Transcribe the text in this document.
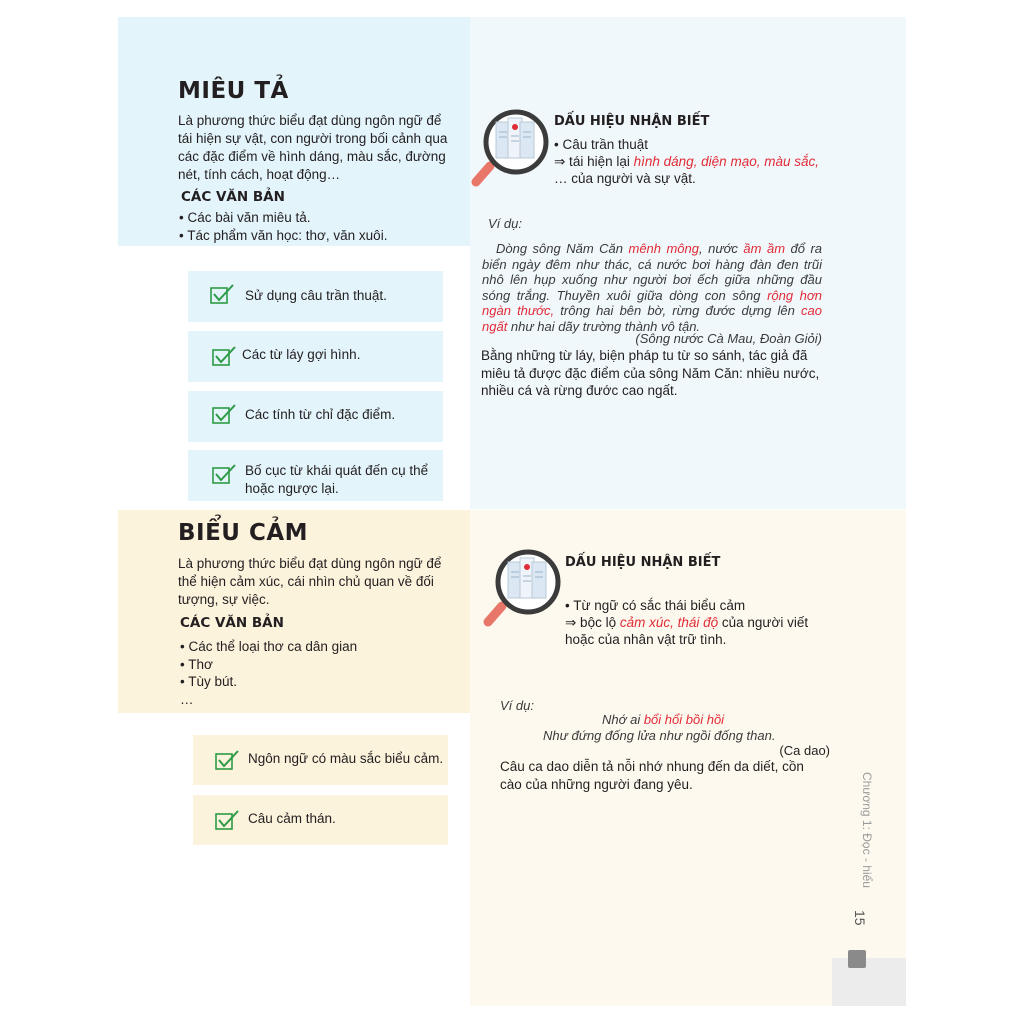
MIÊU TẢ

Là phương thức biểu đạt dùng ngôn ngữ để tái hiện sự vật, con người trong bối cảnh qua các đặc điểm về hình dáng, màu sắc, đường nét, tính cách, hoạt động…

CÁC VĂN BẢN
• Các bài văn miêu tả.
• Tác phẩm văn học: thơ, văn xuôi.
Sử dụng câu trần thuật.
Các từ láy gợi hình.
Các tính từ chỉ đặc điểm.
Bố cục từ khái quát đến cụ thể hoặc ngược lại.
DẤU HIỆU NHẬN BIẾT
• Câu trần thuật
⇒ tái hiện lại hình dáng, diện mạo, màu sắc,
… của người và sự vật.
Ví dụ:

Dòng sông Năm Căn mênh mông, nước ầm ầm đổ ra biển ngày đêm như thác, cá nước bơi hàng đàn đen trũi nhô lên hụp xuống như người bơi ếch giữa những đầu sóng trắng. Thuyền xuôi giữa dòng con sông rộng hơn ngàn thước, trông hai bên bờ, rừng đước dựng lên cao ngất như hai dãy trường thành vô tận.

(Sông nước Cà Mau, Đoàn Giỏi)

Bằng những từ láy, biện pháp tu từ so sánh, tác giả đã miêu tả được đặc điểm của sông Năm Căn: nhiều nước, nhiều cá và rừng đước cao ngất.

BIỂU CẢM

Là phương thức biểu đạt dùng ngôn ngữ để thể hiện cảm xúc, cái nhìn chủ quan về đối tượng, sự việc.

CÁC VĂN BẢN
• Các thể loại thơ ca dân gian
• Thơ
• Tùy bút.
…
Ngôn ngữ có màu sắc biểu cảm.
Câu cảm thán.
DẤU HIỆU NHẬN BIẾT
• Từ ngữ có sắc thái biểu cảm
⇒ bộc lộ cảm xúc, thái độ của người viết
hoặc của nhân vật trữ tình.
Ví dụ:
Nhớ ai bổi hổi bồi hồi
Như đứng đống lửa như ngồi đống than.
(Ca dao)

Câu ca dao diễn tả nỗi nhớ nhung đến da diết, cồn cào của những người đang yêu.	Chương 1: Đọc - hiểu
15
